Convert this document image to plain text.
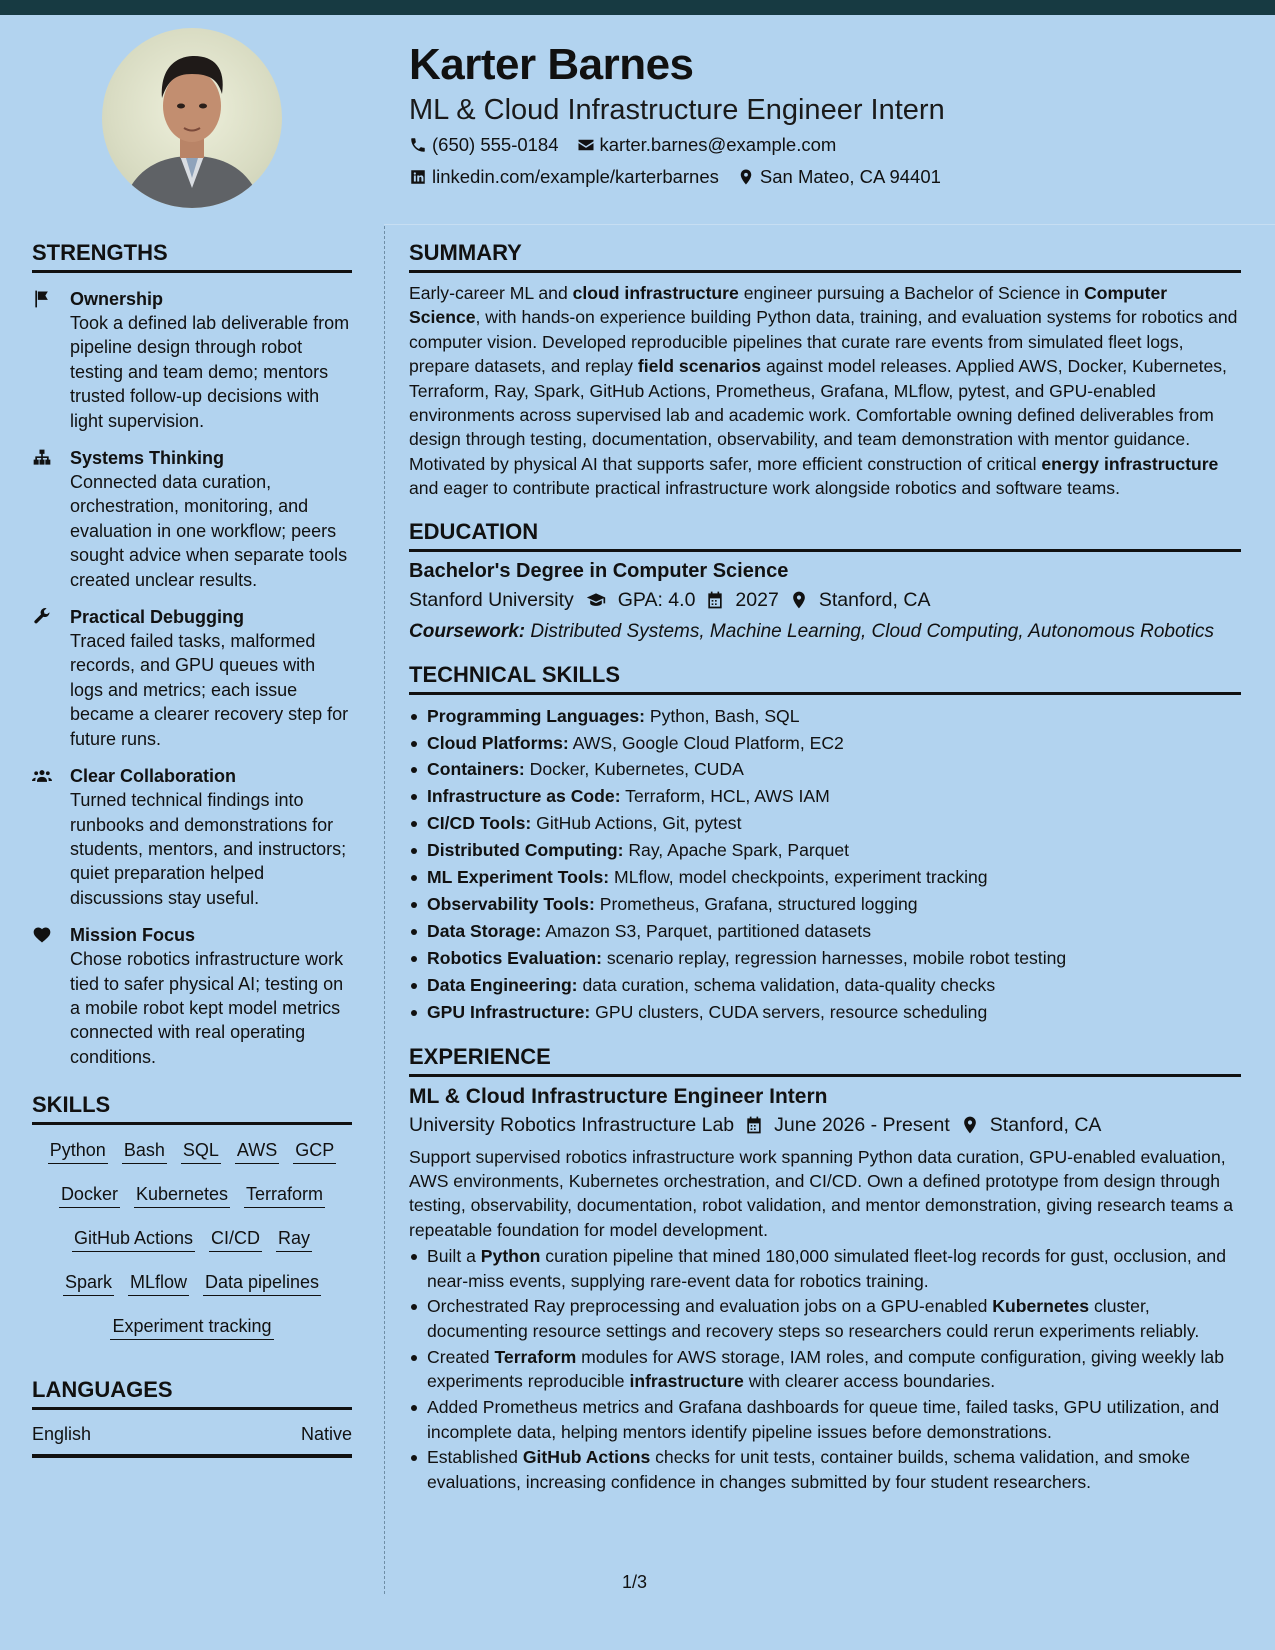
Karter Barnes
ML & Cloud Infrastructure Engineer Intern
(650) 555-0184 karter.barnes@example.com
linkedin.com/example/karterbarnes San Mateo, CA 94401
STRENGTHS
Ownership
Took a defined lab deliverable from pipeline design through robot testing and team demo; mentors trusted follow-up decisions with light supervision.
Systems Thinking
Connected data curation, orchestration, monitoring, and evaluation in one workflow; peers sought advice when separate tools created unclear results.
Practical Debugging
Traced failed tasks, malformed records, and GPU queues with logs and metrics; each issue became a clearer recovery step for future runs.
Clear Collaboration
Turned technical findings into runbooks and demonstrations for students, mentors, and instructors; quiet preparation helped discussions stay useful.
Mission Focus
Chose robotics infrastructure work tied to safer physical AI; testing on a mobile robot kept model metrics connected with real operating conditions.
SKILLS
Python Bash SQL AWS GCP
Docker Kubernetes Terraform
GitHub Actions CI/CD Ray
Spark MLflow Data pipelines
Experiment tracking
LANGUAGES
English	Native
SUMMARY
Early-career ML and cloud infrastructure engineer pursuing a Bachelor of Science in Computer Science, with hands-on experience building Python data, training, and evaluation systems for robotics and computer vision. Developed reproducible pipelines that curate rare events from simulated fleet logs, prepare datasets, and replay field scenarios against model releases. Applied AWS, Docker, Kubernetes, Terraform, Ray, Spark, GitHub Actions, Prometheus, Grafana, MLflow, pytest, and GPU-enabled environments across supervised lab and academic work. Comfortable owning defined deliverables from design through testing, documentation, observability, and team demonstration with mentor guidance. Motivated by physical AI that supports safer, more efficient construction of critical energy infrastructure and eager to contribute practical infrastructure work alongside robotics and software teams.
EDUCATION
Bachelor's Degree in Computer Science
Stanford University GPA: 4.0 2027 Stanford, CA
Coursework: Distributed Systems, Machine Learning, Cloud Computing, Autonomous Robotics
TECHNICAL SKILLS
Programming Languages: Python, Bash, SQL
Cloud Platforms: AWS, Google Cloud Platform, EC2
Containers: Docker, Kubernetes, CUDA
Infrastructure as Code: Terraform, HCL, AWS IAM
CI/CD Tools: GitHub Actions, Git, pytest
Distributed Computing: Ray, Apache Spark, Parquet
ML Experiment Tools: MLflow, model checkpoints, experiment tracking
Observability Tools: Prometheus, Grafana, structured logging
Data Storage: Amazon S3, Parquet, partitioned datasets
Robotics Evaluation: scenario replay, regression harnesses, mobile robot testing
Data Engineering: data curation, schema validation, data-quality checks
GPU Infrastructure: GPU clusters, CUDA servers, resource scheduling
EXPERIENCE
ML & Cloud Infrastructure Engineer Intern
University Robotics Infrastructure Lab June 2026 - Present Stanford, CA
Support supervised robotics infrastructure work spanning Python data curation, GPU-enabled evaluation, AWS environments, Kubernetes orchestration, and CI/CD. Own a defined prototype from design through testing, observability, documentation, robot validation, and mentor demonstration, giving research teams a repeatable foundation for model development.
Built a Python curation pipeline that mined 180,000 simulated fleet-log records for gust, occlusion, and near-miss events, supplying rare-event data for robotics training.
Orchestrated Ray preprocessing and evaluation jobs on a GPU-enabled Kubernetes cluster, documenting resource settings and recovery steps so researchers could rerun experiments reliably.
Created Terraform modules for AWS storage, IAM roles, and compute configuration, giving weekly lab experiments reproducible infrastructure with clearer access boundaries.
Added Prometheus metrics and Grafana dashboards for queue time, failed tasks, GPU utilization, and incomplete data, helping mentors identify pipeline issues before demonstrations.
Established GitHub Actions checks for unit tests, container builds, schema validation, and smoke evaluations, increasing confidence in changes submitted by four student researchers.
1/3
